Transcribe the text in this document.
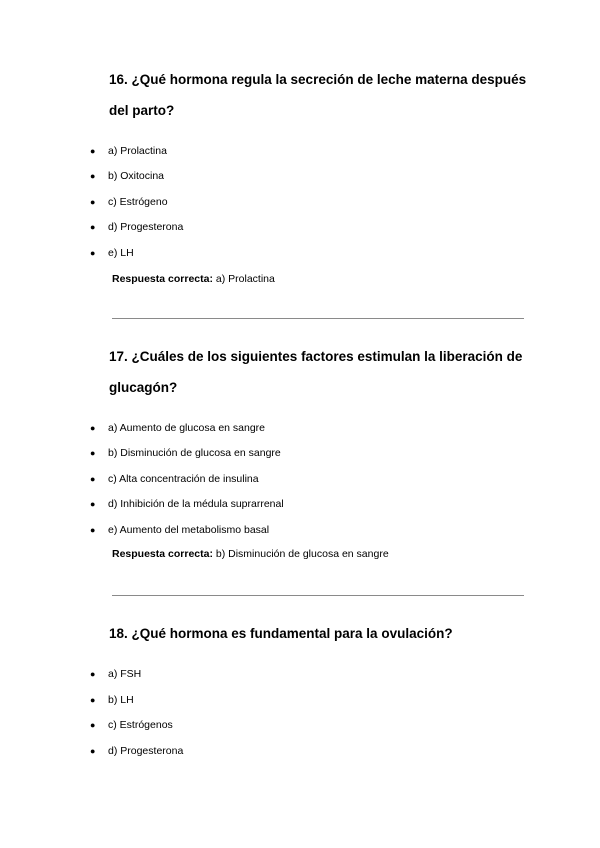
16. ¿Qué hormona regula la secreción de leche materna después del parto?
● a) Prolactina
● b) Oxitocina
● c) Estrógeno
● d) Progesterona
● e) LH
Respuesta correcta: a) Prolactina
17. ¿Cuáles de los siguientes factores estimulan la liberación de glucagón?
● a) Aumento de glucosa en sangre
● b) Disminución de glucosa en sangre
● c) Alta concentración de insulina
● d) Inhibición de la médula suprarrenal
● e) Aumento del metabolismo basal
Respuesta correcta: b) Disminución de glucosa en sangre
18. ¿Qué hormona es fundamental para la ovulación?
● a) FSH
● b) LH
● c) Estrógenos
● d) Progesterona
